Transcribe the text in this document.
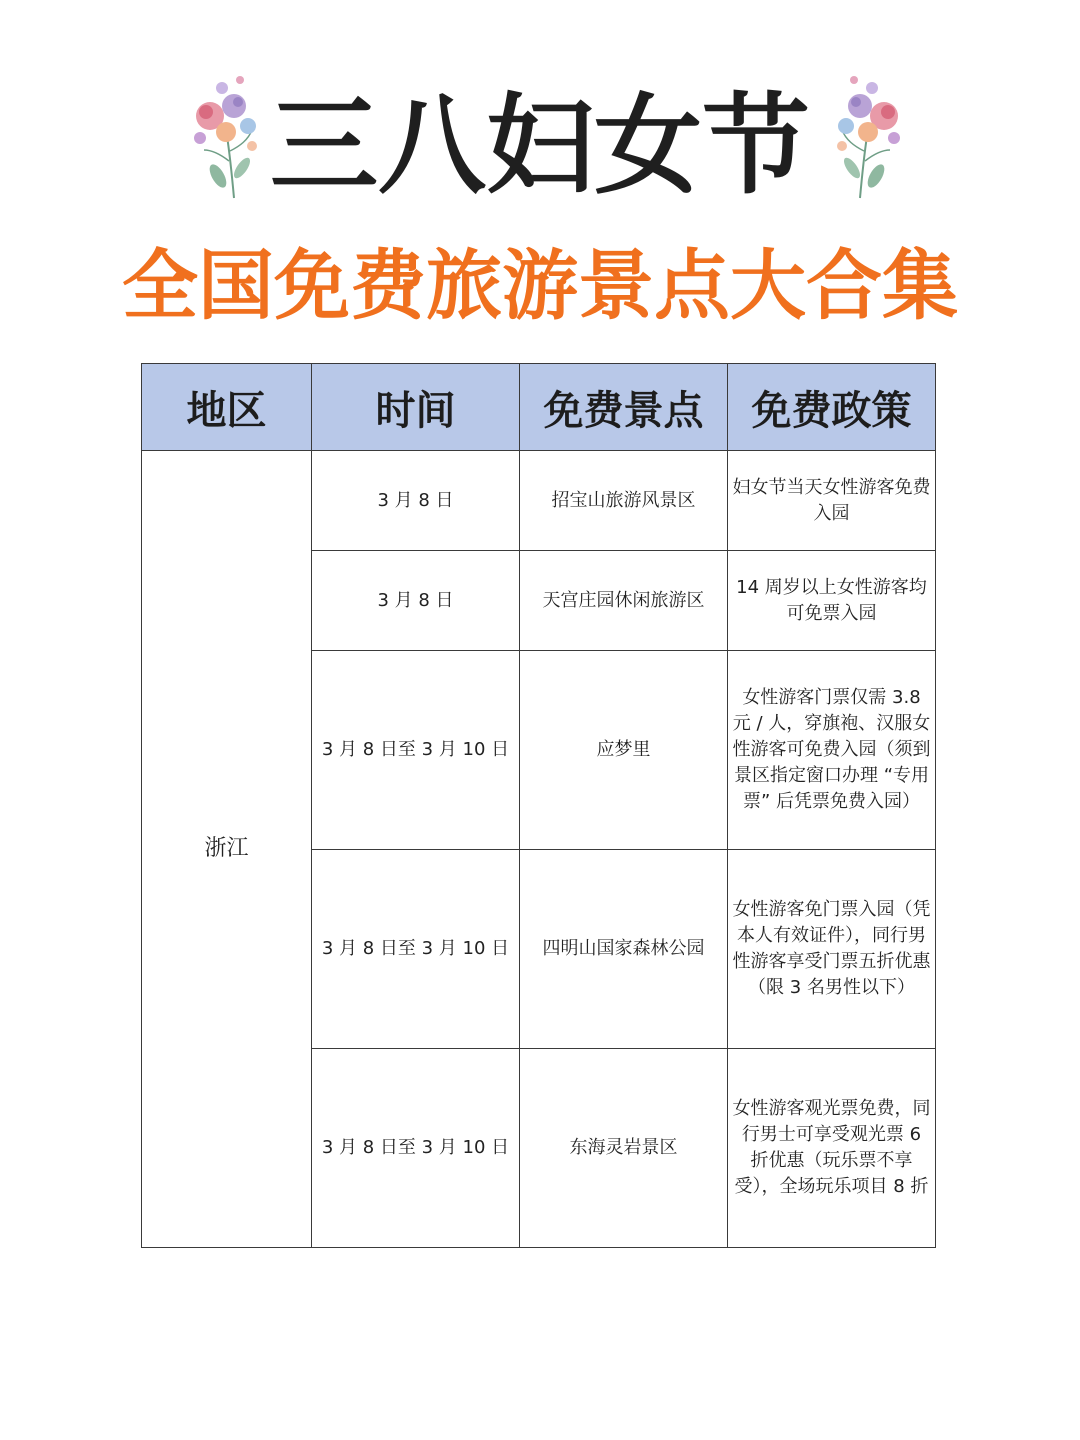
三八妇女节
全国免费旅游景点大合集
地区	时间	免费景点	免费政策
浙江	3 月 8 日	招宝山旅游风景区	妇女节当天女性游客免费入园
	3 月 8 日	天宫庄园休闲旅游区	14 周岁以上女性游客均可免票入园
	3 月 8 日至 3 月 10 日	应梦里	女性游客门票仅需 3.8 元 / 人，穿旗袍、汉服女性游客可免费入园（须到景区指定窗口办理 “专用票” 后凭票免费入园）
	3 月 8 日至 3 月 10 日	四明山国家森林公园	女性游客免门票入园（凭本人有效证件），同行男性游客享受门票五折优惠（限 3 名男性以下）
	3 月 8 日至 3 月 10 日	东海灵岩景区	女性游客观光票免费，同行男士可享受观光票 6 折优惠（玩乐票不享受），全场玩乐项目 8 折
